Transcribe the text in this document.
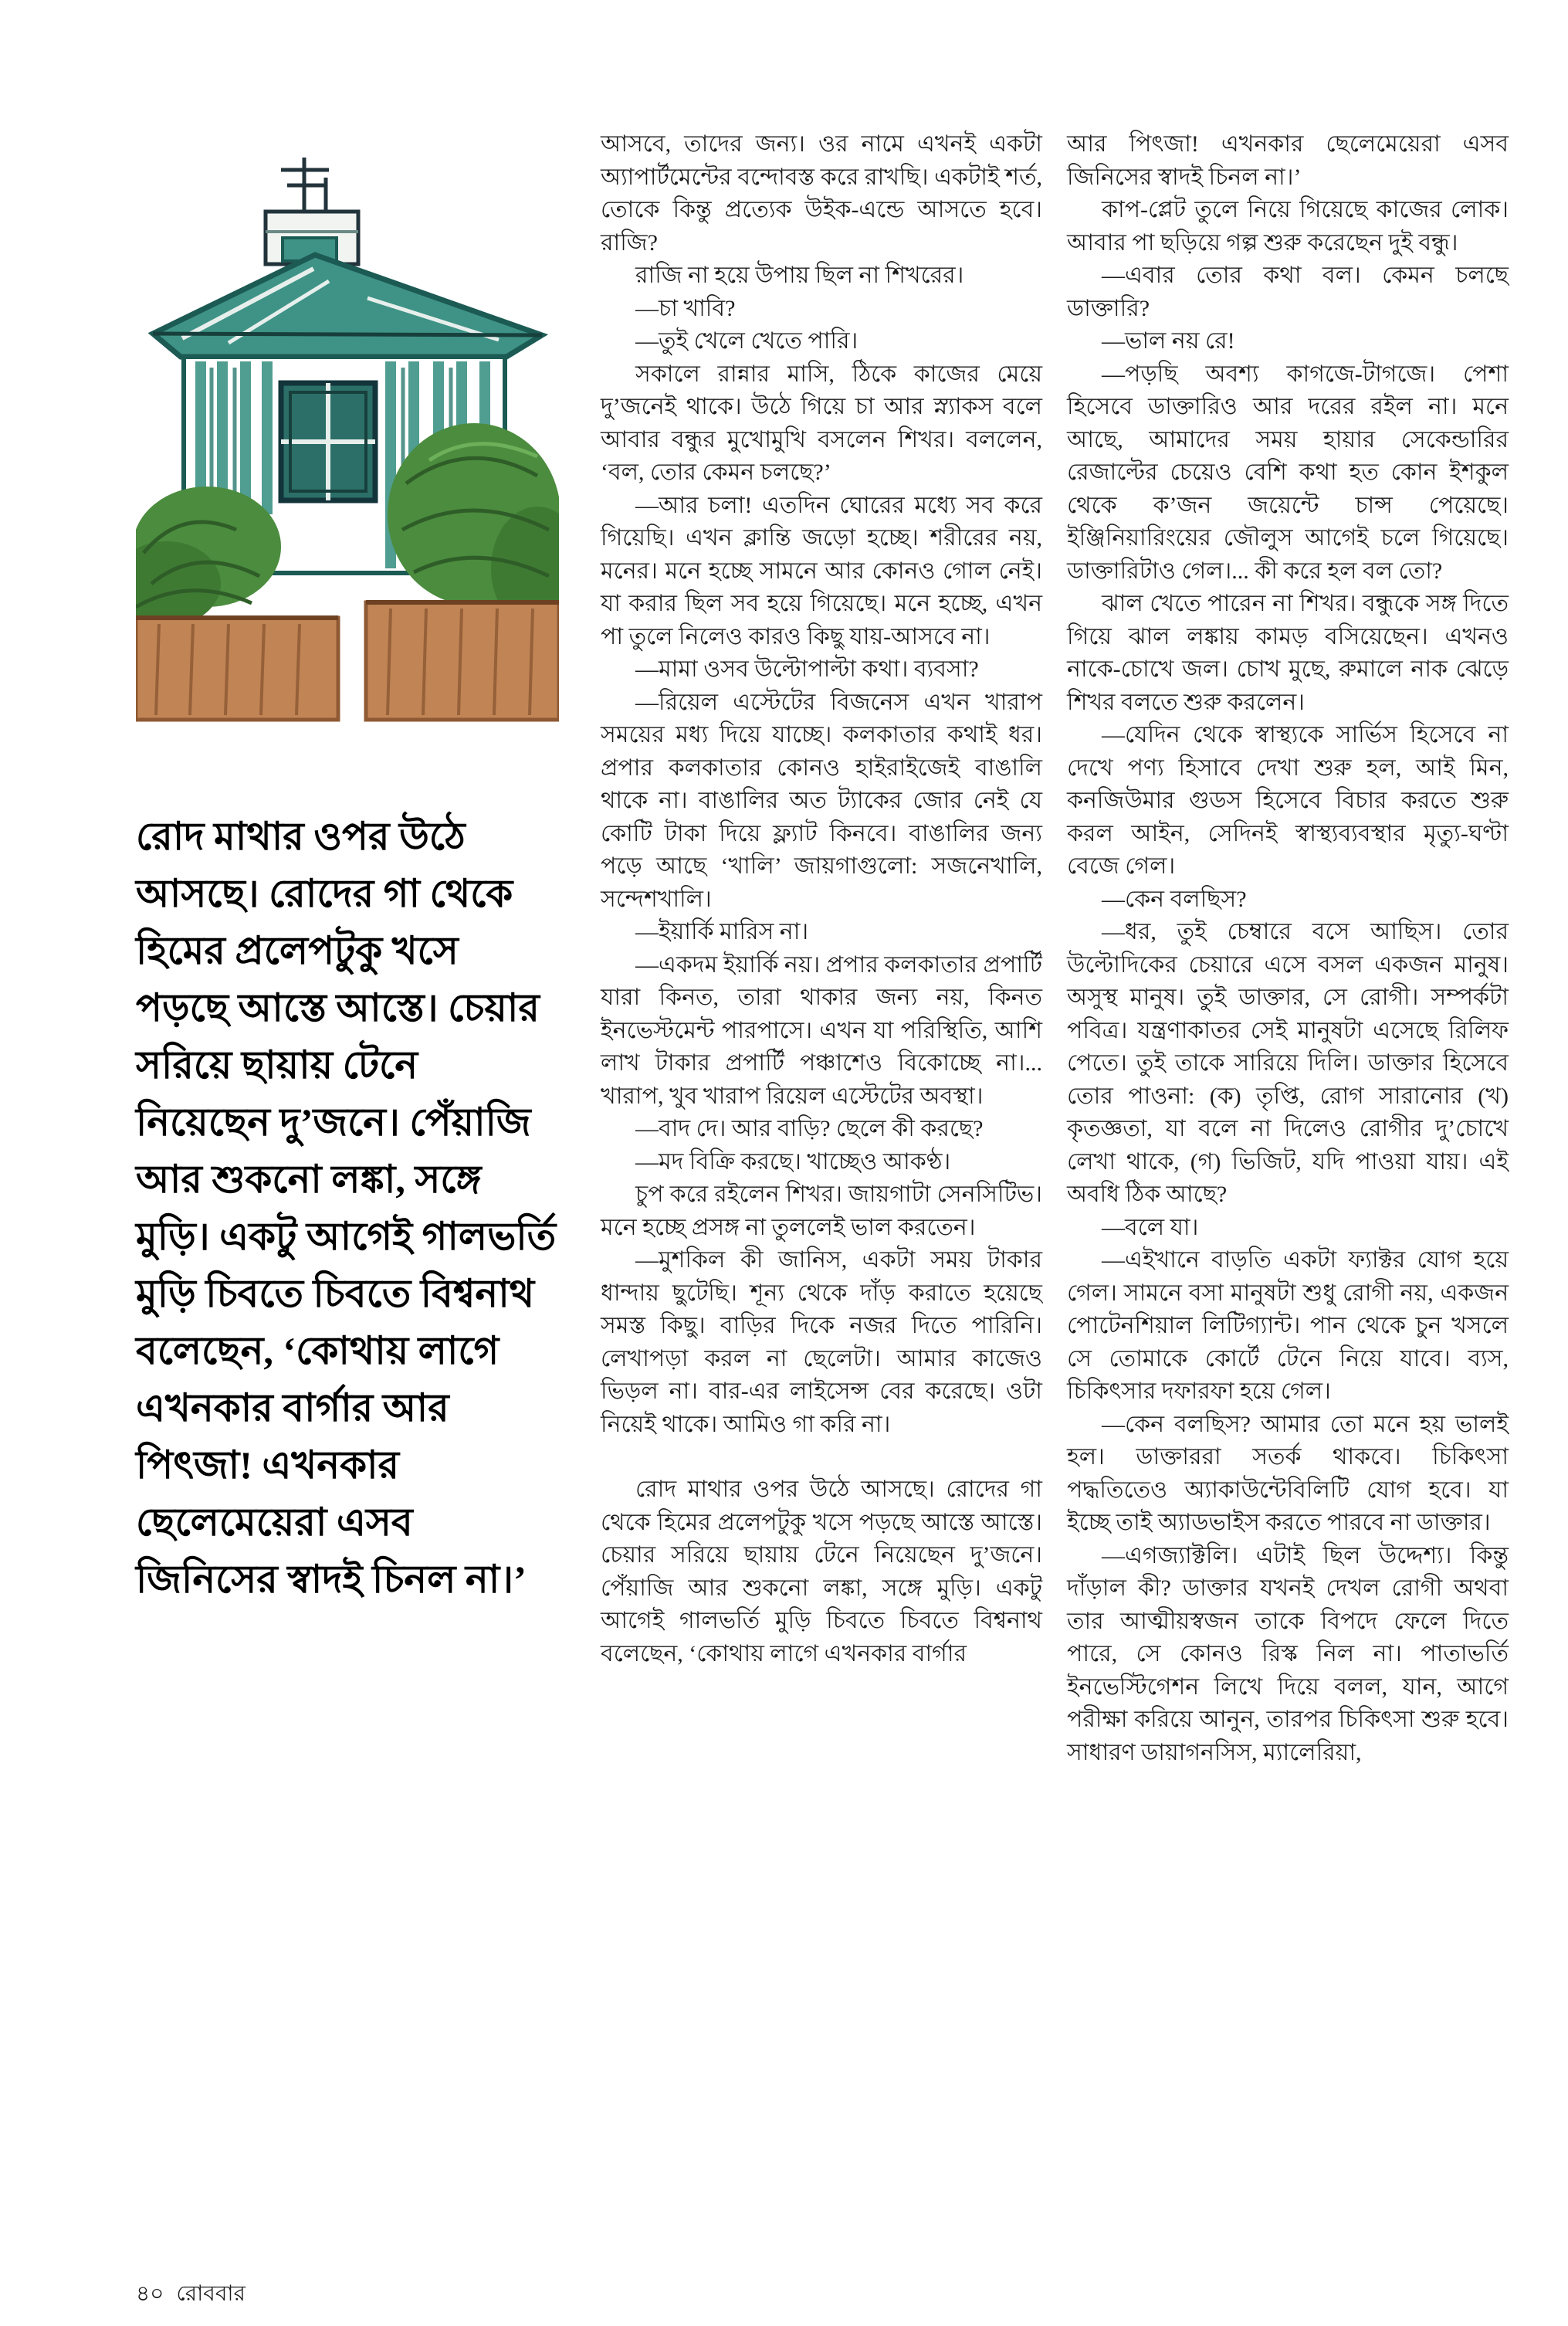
রোদ মাথার ওপর উঠে আসছে। রোদের গা থেকে হিমের প্রলেপটুকু খসে পড়ছে আস্তে আস্তে। চেয়ার সরিয়ে ছায়ায় টেনে নিয়েছেন দু’জনে। পেঁয়াজি আর শুকনো লঙ্কা, সঙ্গে মুড়ি। একটু আগেই গালভর্তি মুড়ি চিবতে চিবতে বিশ্বনাথ বলেছেন, ‘কোথায় লাগে এখনকার বার্গার আর পিৎজা! এখনকার ছেলেমেয়েরা এসব জিনিসের স্বাদই চিনল না।’

আসবে, তাদের জন্য। ওর নামে এখনই একটা অ্যাপার্টমেন্টের বন্দোবস্ত করে রাখছি। একটাই শর্ত, তোকে কিন্তু প্রত্যেক উইক-এন্ডে আসতে হবে। রাজি?

রাজি না হয়ে উপায় ছিল না শিখরের।

—চা খাবি?

—তুই খেলে খেতে পারি।

সকালে রান্নার মাসি, ঠিকে কাজের মেয়ে দু’জনেই থাকে। উঠে গিয়ে চা আর স্ন্যাকস বলে আবার বন্ধুর মুখোমুখি বসলেন শিখর। বললেন, ‘বল, তোর কেমন চলছে?’

—আর চলা! এতদিন ঘোরের মধ্যে সব করে গিয়েছি। এখন ক্লান্তি জড়ো হচ্ছে। শরীরের নয়, মনের। মনে হচ্ছে সামনে আর কোনও গোল নেই। যা করার ছিল সব হয়ে গিয়েছে। মনে হচ্ছে, এখন পা তুলে নিলেও কারও কিছু যায়-আসবে না।

—মামা ওসব উল্টোপাল্টা কথা। ব্যবসা?

—রিয়েল এস্টেটের বিজনেস এখন খারাপ সময়ের মধ্য দিয়ে যাচ্ছে। কলকাতার কথাই ধর। প্রপার কলকাতার কোনও হাইরাইজেই বাঙালি থাকে না। বাঙালির অত ট্যাকের জোর নেই যে কোটি টাকা দিয়ে ফ্ল্যাট কিনবে। বাঙালির জন্য পড়ে আছে ‘খালি’ জায়গাগুলো: সজনেখালি, সন্দেশখালি।

—ইয়ার্কি মারিস না।

—একদম ইয়ার্কি নয়। প্রপার কলকাতার প্রপার্টি যারা কিনত, তারা থাকার জন্য নয়, কিনত ইনভেস্টমেন্ট পারপাসে। এখন যা পরিস্থিতি, আশি লাখ টাকার প্রপার্টি পঞ্চাশেও বিকোচ্ছে না।... খারাপ, খুব খারাপ রিয়েল এস্টেটের অবস্থা।

—বাদ দে। আর বাড়ি? ছেলে কী করছে?

—মদ বিক্রি করছে। খাচ্ছেও আকণ্ঠ।

চুপ করে রইলেন শিখর। জায়গাটা সেনসিটিভ। মনে হচ্ছে প্রসঙ্গ না তুললেই ভাল করতেন।

—মুশকিল কী জানিস, একটা সময় টাকার ধান্দায় ছুটেছি। শূন্য থেকে দাঁড় করাতে হয়েছে সমস্ত কিছু। বাড়ির দিকে নজর দিতে পারিনি। লেখাপড়া করল না ছেলেটা। আমার কাজেও ভিড়ল না। বার-এর লাইসেন্স বের করেছে। ওটা নিয়েই থাকে। আমিও গা করি না।

রোদ মাথার ওপর উঠে আসছে। রোদের গা থেকে হিমের প্রলেপটুকু খসে পড়ছে আস্তে আস্তে। চেয়ার সরিয়ে ছায়ায় টেনে নিয়েছেন দু’জনে। পেঁয়াজি আর শুকনো লঙ্কা, সঙ্গে মুড়ি। একটু আগেই গালভর্তি মুড়ি চিবতে চিবতে বিশ্বনাথ বলেছেন, ‘কোথায় লাগে এখনকার বার্গার

আর পিৎজা! এখনকার ছেলেমেয়েরা এসব জিনিসের স্বাদই চিনল না।’

কাপ-প্লেট তুলে নিয়ে গিয়েছে কাজের লোক। আবার পা ছড়িয়ে গল্প শুরু করেছেন দুই বন্ধু।

—এবার তোর কথা বল। কেমন চলছে ডাক্তারি?

—ভাল নয় রে!

—পড়ছি অবশ্য কাগজে-টাগজে। পেশা হিসেবে ডাক্তারিও আর দরের রইল না। মনে আছে, আমাদের সময় হায়ার সেকেন্ডারির রেজাল্টের চেয়েও বেশি কথা হত কোন ইশকুল থেকে ক’জন জয়েন্টে চান্স পেয়েছে। ইঞ্জিনিয়ারিংয়ের জৌলুস আগেই চলে গিয়েছে। ডাক্তারিটাও গেল।... কী করে হল বল তো?

ঝাল খেতে পারেন না শিখর। বন্ধুকে সঙ্গ দিতে গিয়ে ঝাল লঙ্কায় কামড় বসিয়েছেন। এখনও নাকে-চোখে জল। চোখ মুছে, রুমালে নাক ঝেড়ে শিখর বলতে শুরু করলেন।

—যেদিন থেকে স্বাস্থ্যকে সার্ভিস হিসেবে না দেখে পণ্য হিসাবে দেখা শুরু হল, আই মিন, কনজিউমার গুডস হিসেবে বিচার করতে শুরু করল আইন, সেদিনই স্বাস্থ্যব্যবস্থার মৃত্যু-ঘণ্টা বেজে গেল।

—কেন বলছিস?

—ধর, তুই চেম্বারে বসে আছিস। তোর উল্টোদিকের চেয়ারে এসে বসল একজন মানুষ। অসুস্থ মানুষ। তুই ডাক্তার, সে রোগী। সম্পর্কটা পবিত্র। যন্ত্রণাকাতর সেই মানুষটা এসেছে রিলিফ পেতে। তুই তাকে সারিয়ে দিলি। ডাক্তার হিসেবে তোর পাওনা: (ক) তৃপ্তি, রোগ সারানোর (খ) কৃতজ্ঞতা, যা বলে না দিলেও রোগীর দু’চোখে লেখা থাকে, (গ) ভিজিট, যদি পাওয়া যায়। এই অবধি ঠিক আছে?

—বলে যা।

—এইখানে বাড়তি একটা ফ্যাক্টর যোগ হয়ে গেল। সামনে বসা মানুষটা শুধু রোগী নয়, একজন পোটেনশিয়াল লিটিগ্যান্ট। পান থেকে চুন খসলে সে তোমাকে কোর্টে টেনে নিয়ে যাবে। ব্যস, চিকিৎসার দফারফা হয়ে গেল।

—কেন বলছিস? আমার তো মনে হয় ভালই হল। ডাক্তাররা সতর্ক থাকবে। চিকিৎসা পদ্ধতিতেও অ্যাকাউন্টেবিলিটি যোগ হবে। যা ইচ্ছে তাই অ্যাডভাইস করতে পারবে না ডাক্তার।

—এগজ্যাক্টলি। এটাই ছিল উদ্দেশ্য। কিন্তু দাঁড়াল কী? ডাক্তার যখনই দেখল রোগী অথবা তার আত্মীয়স্বজন তাকে বিপদে ফেলে দিতে পারে, সে কোনও রিস্ক নিল না। পাতাভর্তি ইনভেস্টিগেশন লিখে দিয়ে বলল, যান, আগে পরীক্ষা করিয়ে আনুন, তারপর চিকিৎসা শুরু হবে। সাধারণ ডায়াগনসিস, ম্যালেরিয়া,

৪০ রোববার
